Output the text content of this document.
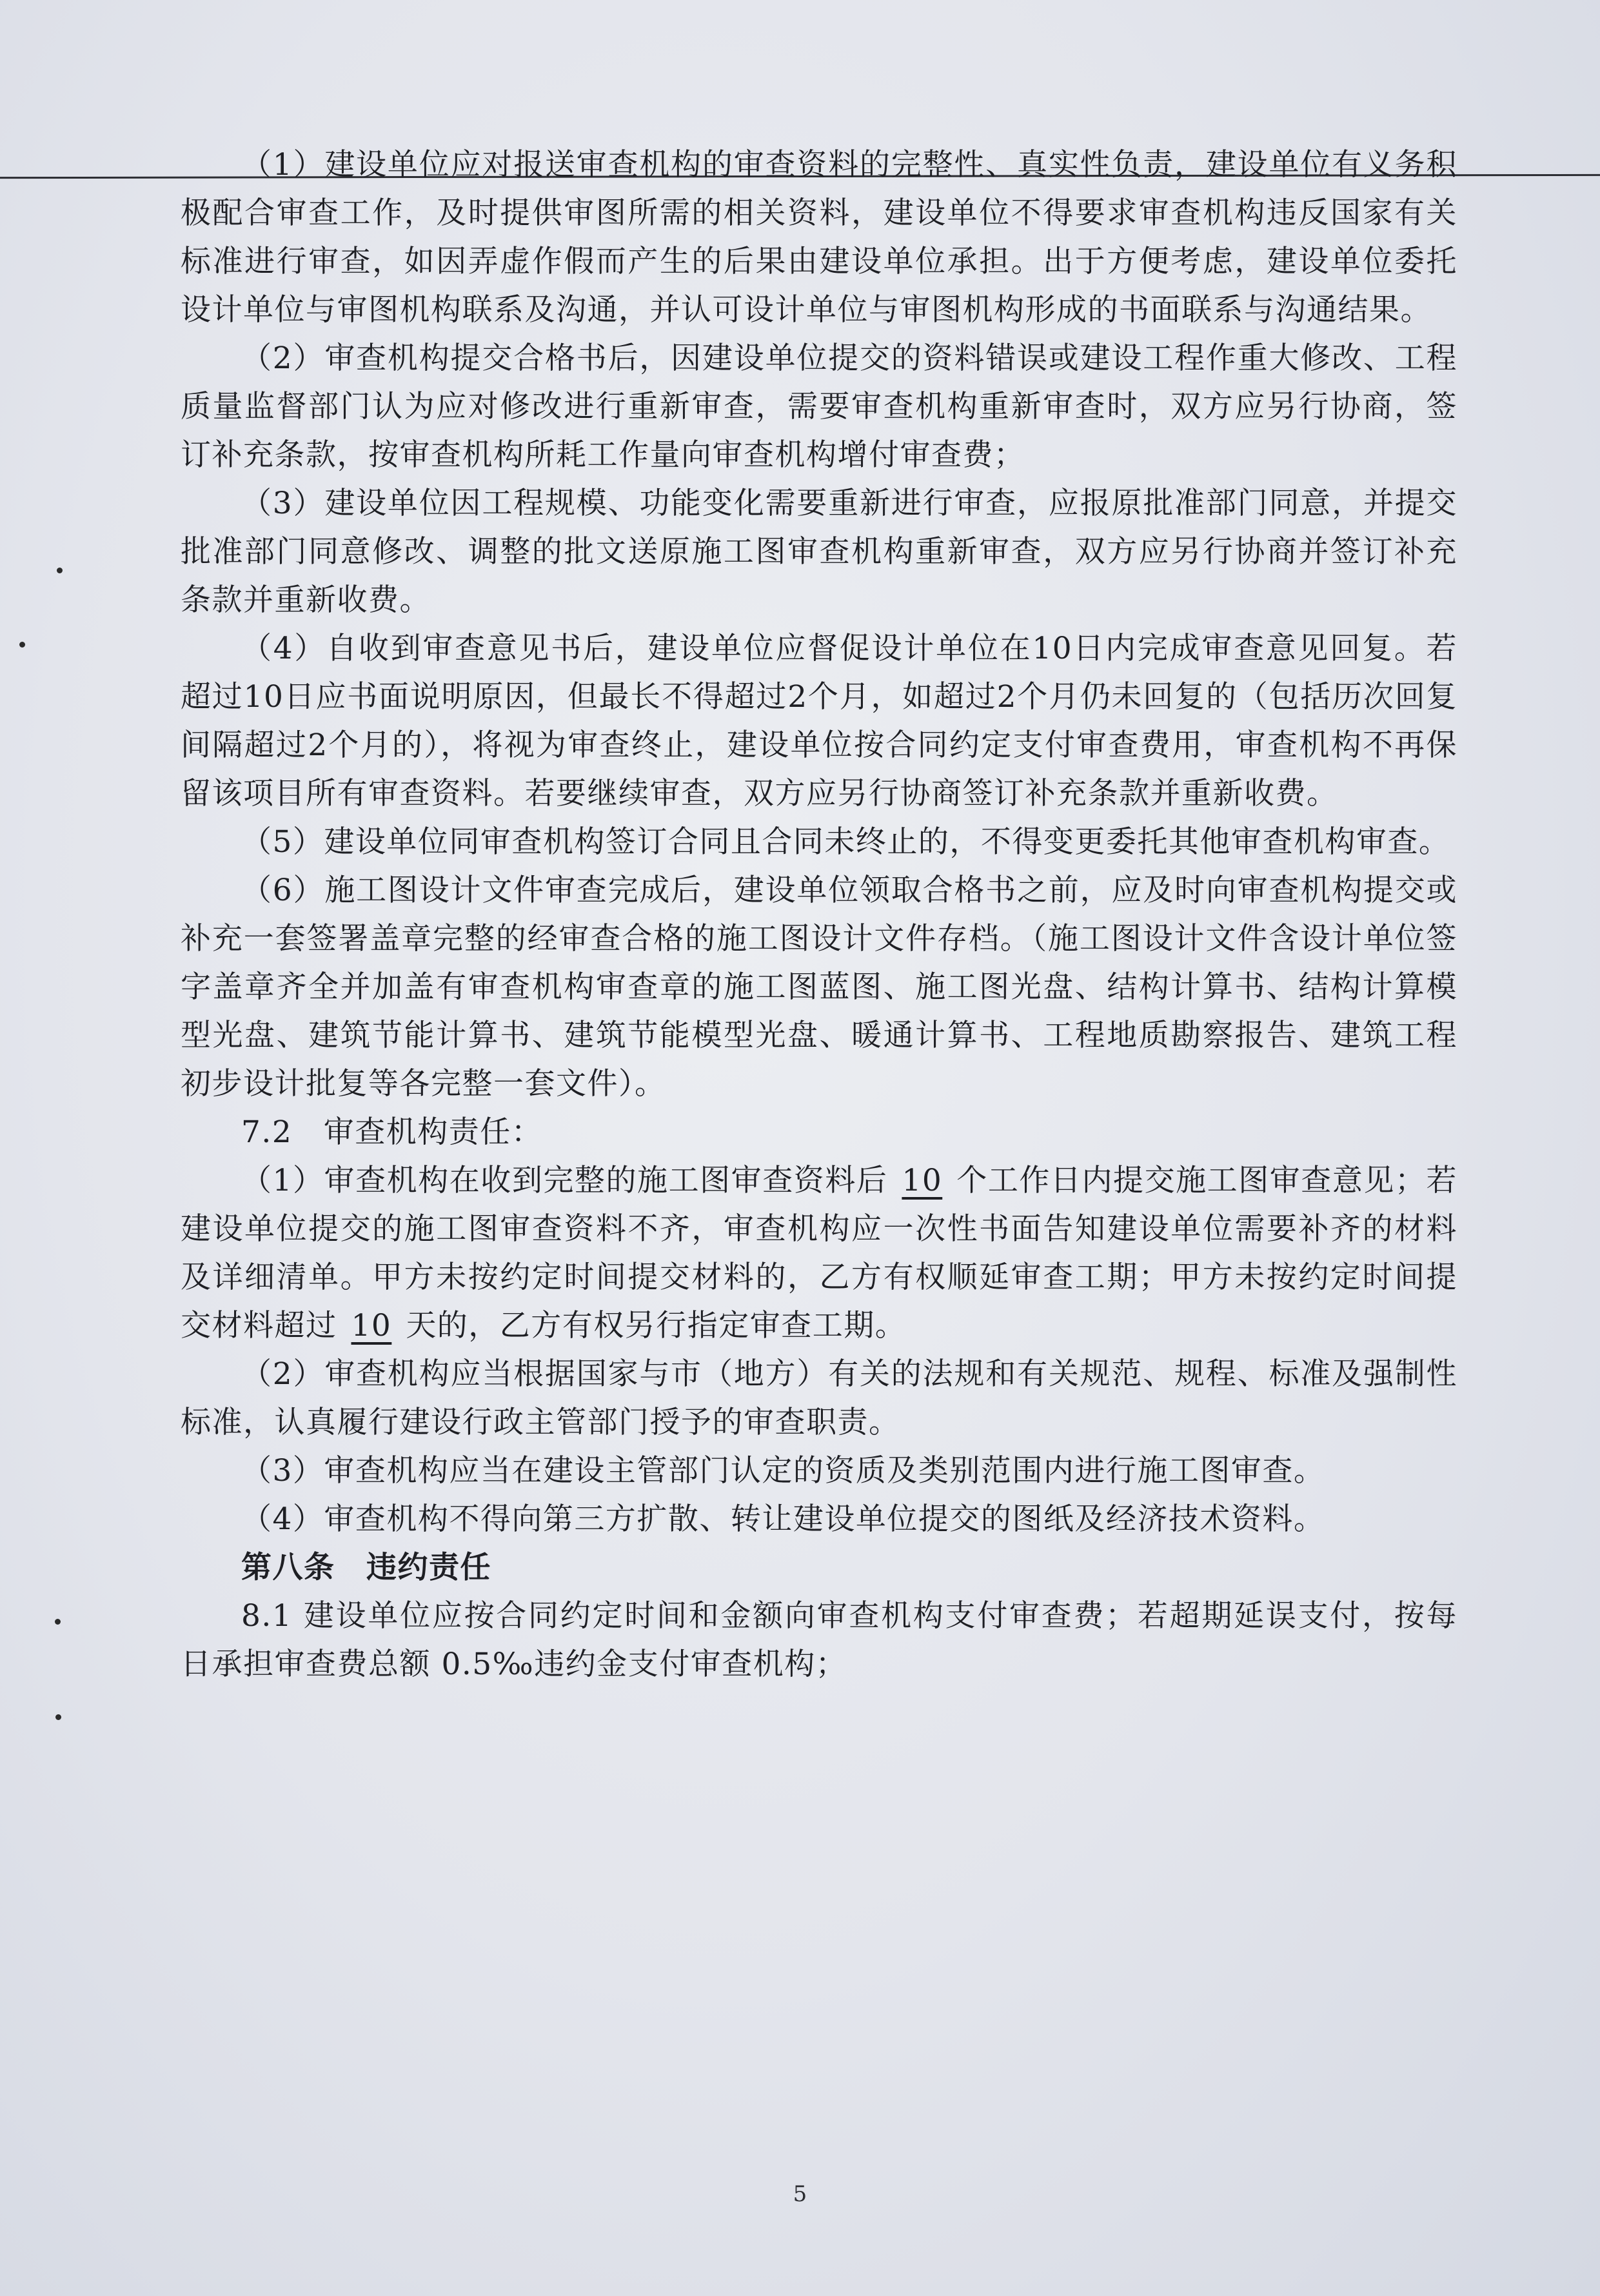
（1）建设单位应对报送审查机构的审查资料的完整性、真实性负责，建设单位有义务积极配合审查工作，及时提供审图所需的相关资料，建设单位不得要求审查机构违反国家有关标准进行审查，如因弄虚作假而产生的后果由建设单位承担。出于方便考虑，建设单位委托设计单位与审图机构联系及沟通，并认可设计单位与审图机构形成的书面联系与沟通结果。

（2）审查机构提交合格书后，因建设单位提交的资料错误或建设工程作重大修改、工程质量监督部门认为应对修改进行重新审查，需要审查机构重新审查时，双方应另行协商，签订补充条款，按审查机构所耗工作量向审查机构增付审查费；

（3）建设单位因工程规模、功能变化需要重新进行审查，应报原批准部门同意，并提交批准部门同意修改、调整的批文送原施工图审查机构重新审查，双方应另行协商并签订补充条款并重新收费。

（4）自收到审查意见书后，建设单位应督促设计单位在10日内完成审查意见回复。若超过10日应书面说明原因，但最长不得超过2个月，如超过2个月仍未回复的（包括历次回复间隔超过2个月的），将视为审查终止，建设单位按合同约定支付审查费用，审查机构不再保留该项目所有审查资料。若要继续审查，双方应另行协商签订补充条款并重新收费。

（5）建设单位同审查机构签订合同且合同未终止的，不得变更委托其他审查机构审查。

（6）施工图设计文件审查完成后，建设单位领取合格书之前，应及时向审查机构提交或补充一套签署盖章完整的经审查合格的施工图设计文件存档。（施工图设计文件含设计单位签字盖章齐全并加盖有审查机构审查章的施工图蓝图、施工图光盘、结构计算书、结构计算模型光盘、建筑节能计算书、建筑节能模型光盘、暖通计算书、工程地质勘察报告、建筑工程初步设计批复等各完整一套文件）。

7.2　审查机构责任：

（1）审查机构在收到完整的施工图审查资料后 10 个工作日内提交施工图审查意见；若建设单位提交的施工图审查资料不齐，审查机构应一次性书面告知建设单位需要补齐的材料及详细清单。甲方未按约定时间提交材料的，乙方有权顺延审查工期；甲方未按约定时间提交材料超过 10 天的，乙方有权另行指定审查工期。

（2）审查机构应当根据国家与市（地方）有关的法规和有关规范、规程、标准及强制性标准，认真履行建设行政主管部门授予的审查职责。

（3）审查机构应当在建设主管部门认定的资质及类别范围内进行施工图审查。

（4）审查机构不得向第三方扩散、转让建设单位提交的图纸及经济技术资料。

第八条　违约责任

8.1 建设单位应按合同约定时间和金额向审查机构支付审查费；若超期延误支付，按每日承担审查费总额 0.5‰违约金支付审查机构；

5
